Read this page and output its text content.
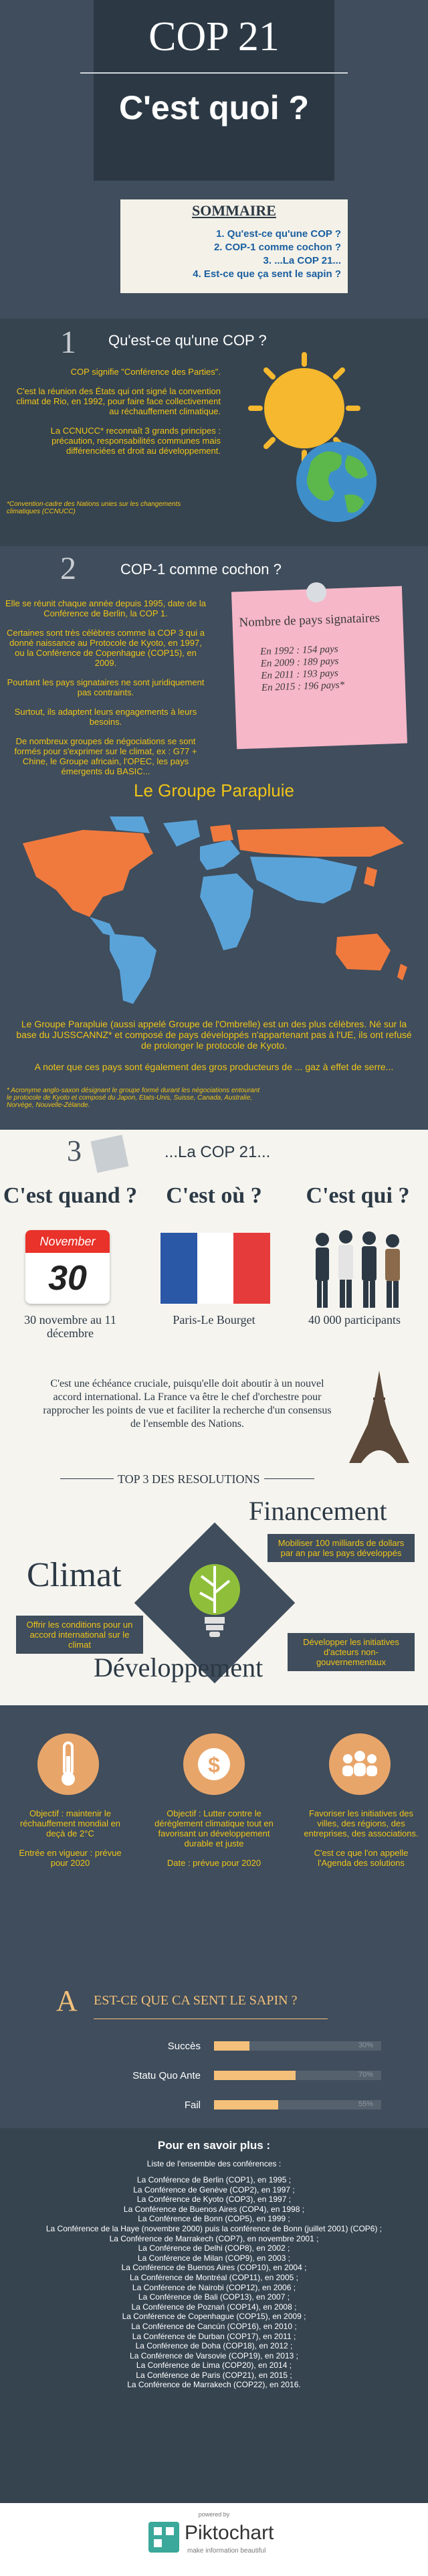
COP 21
C'est quoi ?
SOMMAIRE
1. Qu'est-ce qu'une COP ?
2. COP-1 comme cochon ?
3. ...La COP 21...
4. Est-ce que ça sent le sapin ?
1 Qu'est-ce qu'une COP ?

COP signifie "Conférence des Parties".

C'est la réunion des États qui ont signé la convention climat de Rio, en 1992, pour faire face collectivement au réchauffement climatique.

La CCNUCC* reconnaît 3 grands principes : précaution, responsabilités communes mais différenciées et droit au développement.

*Convention-cadre des Nations unies sur les changements climatiques (CCNUCC)
2	COP-1 comme cochon ?

Elle se réunit chaque année depuis 1995, date de la Conférence de Berlin, la COP 1.

Certaines sont très célèbres comme la COP 3 qui a donné naissance au Protocole de Kyoto, en 1997, ou la Conférence de Copenhague (COP15), en 2009.

Pourtant les pays signataires ne sont juridiquement pas contraints.

Surtout, ils adaptent leurs engagements à leurs besoins.

De nombreux groupes de négociations se sont formés pour s'exprimer sur le climat, ex : G77 + Chine, le Groupe africain, l'OPEC, les pays émergents du BASIC...

Nombre de pays signataires
En 1992 : 154 pays
En 2009 : 189 pays
En 2011 : 193 pays
En 2015 : 196 pays*
Le Groupe Parapluie

Le Groupe Parapluie (aussi appelé Groupe de l'Ombrelle) est un des plus célèbres. Né sur la base du JUSSCANNZ* et composé de pays développés n'appartenant pas à l'UE, ils ont refusé de prolonger le protocole de Kyoto.

A noter que ces pays sont également des gros producteurs de ... gaz à effet de serre...

* Acronyme anglo-saxon désignant le groupe formé durant les négociations entourant le protocole de Kyoto et composé du Japon, Etats-Unis, Suisse, Canada, Australie, Norvège, Nouvelle-Zélande.
3	...La COP 21...
C'est quand ?	C'est où ?	C'est qui ?
November
30
30 novembre au 11 décembre
Paris-Le Bourget	40 000 participants
C'est une échéance cruciale, puisqu'elle doit aboutir à un nouvel accord international. La France va être le chef d'orchestre pour rapprocher les points de vue et faciliter la recherche d'un consensus de l'ensemble des Nations.
TOP 3 DES RESOLUTIONS
Financement
Mobiliser 100 milliards de dollars par an par les pays développés
Climat
Offrir les conditions pour un accord international sur le climat
Développement
Développer les initiatives d'acteurs non-gouvernementaux
$

Objectif : maintenir le réchauffement mondial en deçà de 2°C

Entrée en vigueur : prévue pour 2020

Objectif : Lutter contre le dérèglement climatique tout en favorisant un développement durable et juste

Date : prévue pour 2020

Favoriser les initiatives des villes, des régions, des entreprises, des associations.

C'est ce que l'on appelle l'Agenda des solutions

A EST-CE QUE CA SENT LE SAPIN ?
Succès	30%
Statu Quo Ante	70%
Fail	55%
Pour en savoir plus :
Liste de l'ensemble des conférences :
La Conférence de Berlin (COP1), en 1995 ;
La Conférence de Genève (COP2), en 1997 ;
La Conférence de Kyoto (COP3), en 1997 ;
La Conférence de Buenos Aires (COP4), en 1998 ;
La Conférence de Bonn (COP5), en 1999 ;
La Conférence de la Haye (novembre 2000) puis la conférence de Bonn (juillet 2001) (COP6) ;
La Conférence de Marrakech (COP7), en novembre 2001 ;
La Conférence de Delhi (COP8), en 2002 ;
La Conférence de Milan (COP9), en 2003 ;
La Conférence de Buenos Aires (COP10), en 2004 ;
La Conférence de Montréal (COP11), en 2005 ;
La Conférence de Nairobi (COP12), en 2006 ;
La Conférence de Bali (COP13), en 2007 ;
La Conférence de Poznań (COP14), en 2008 ;
La Conférence de Copenhague (COP15), en 2009 ;
La Conférence de Cancún (COP16), en 2010 ;
La Conférence de Durban (COP17), en 2011 ;
La Conférence de Doha (COP18), en 2012 ;
La Conférence de Varsovie (COP19), en 2013 ;
La Conférence de Lima (COP20), en 2014 ;
La Conférence de Paris (COP21), en 2015 ;
La Conférence de Marrakech (COP22), en 2016.
powered by
Piktochart
make information beautiful
